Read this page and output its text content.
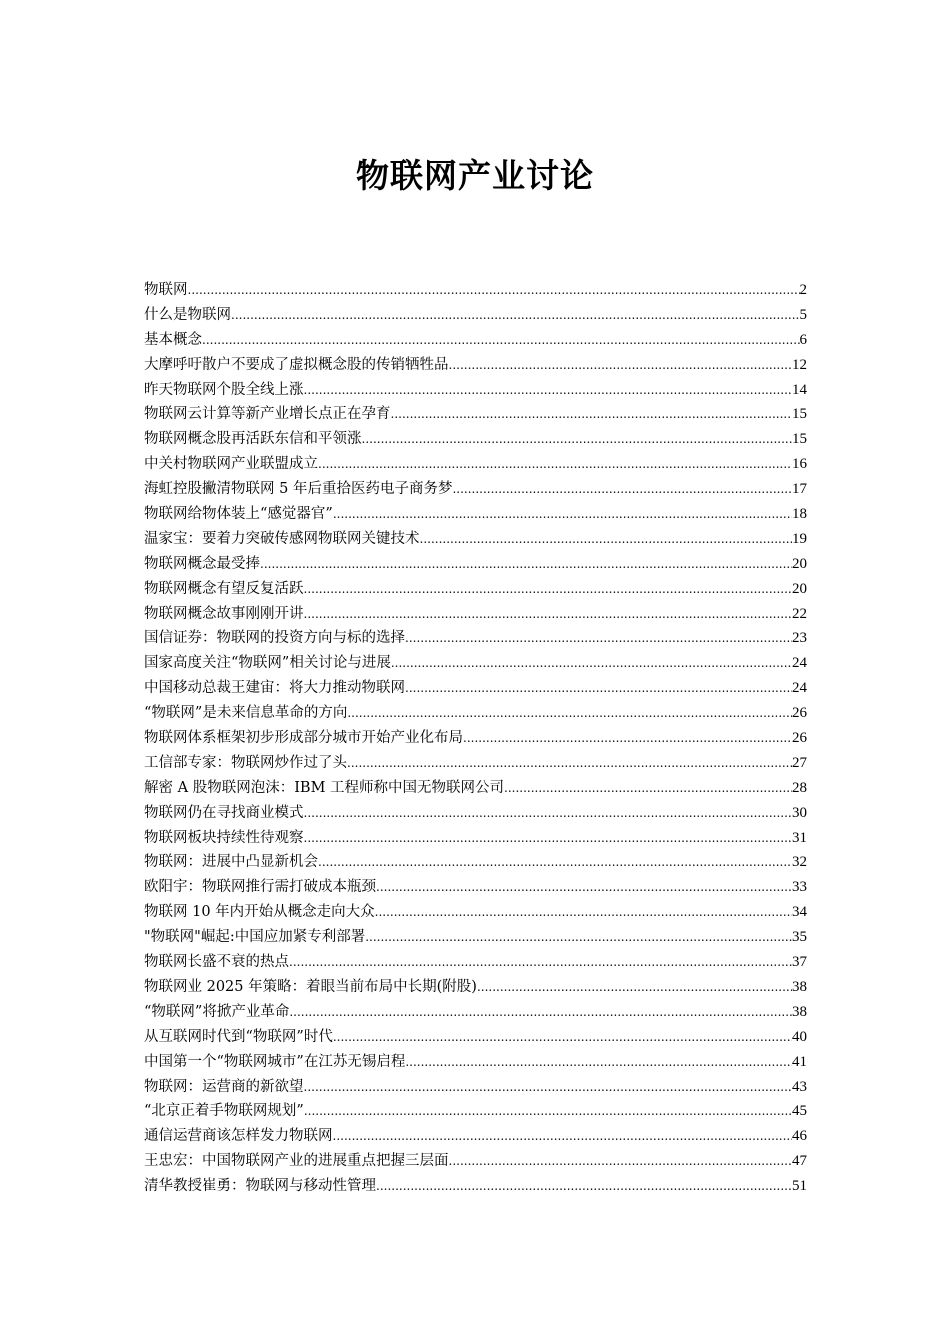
物联网产业讨论
物联网 .....	2
什么是物联网 .....	5
基本概念 .....	6
大摩呼吁散户不要成了虚拟概念股的传销牺牲品 .....	12
昨天物联网个股全线上涨 .....	14
物联网云计算等新产业增长点正在孕育 .....	15
物联网概念股再活跃东信和平领涨 .....	15
中关村物联网产业联盟成立 .....	16
海虹控股撇清物联网 5 年后重拾医药电子商务梦 .....	17
物联网给物体装上“感觉器官” .....	18
温家宝：要着力突破传感网物联网关键技术 .....	19
物联网概念最受捧 .....	20
物联网概念有望反复活跃 .....	20
物联网概念故事刚刚开讲 .....	22
国信证券：物联网的投资方向与标的选择 .....	23
国家高度关注“物联网”相关讨论与进展 .....	24
中国移动总裁王建宙：将大力推动物联网 .....	24
“物联网”是未来信息革命的方向 .....	26
物联网体系框架初步形成部分城市开始产业化布局 .....	26
工信部专家：物联网炒作过了头 .....	27
解密 A 股物联网泡沫：IBM 工程师称中国无物联网公司 .....	28
物联网仍在寻找商业模式 .....	30
物联网板块持续性待观察 .....	31
物联网：进展中凸显新机会 .....	32
欧阳宇：物联网推行需打破成本瓶颈 .....	33
物联网 10 年内开始从概念走向大众 .....	34
"物联网"崛起:中国应加紧专利部署 .....	35
物联网长盛不衰的热点 .....	37
物联网业 2025 年策略：着眼当前布局中长期(附股) .....	38
“物联网”将掀产业革命 .....	38
从互联网时代到“物联网”时代 .....	40
中国第一个“物联网城市”在江苏无锡启程 .....	41
物联网：运营商的新欲望 .....	43
“北京正着手物联网规划” .....	45
通信运营商该怎样发力物联网 .....	46
王忠宏：中国物联网产业的进展重点把握三层面 .....	47
清华教授崔勇：物联网与移动性管理 .....	51
